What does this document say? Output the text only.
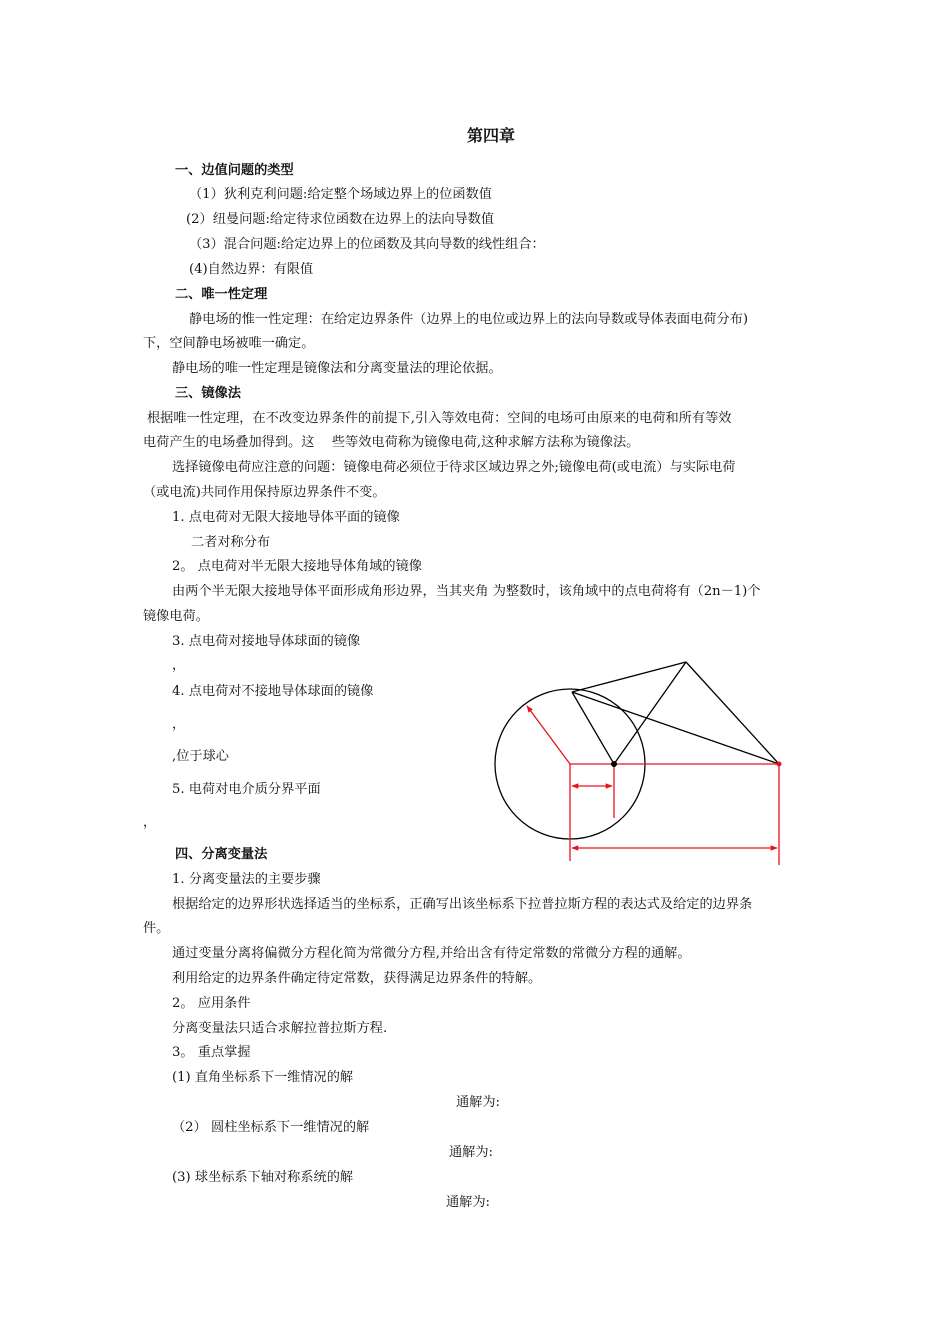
第四章
一、边值问题的类型
（1）狄利克利问题:给定整个场域边界上的位函数值
(2）纽曼问题:给定待求位函数在边界上的法向导数值
（3）混合问题:给定边界上的位函数及其向导数的线性组合：
(4)自然边界：有限值
二、唯一性定理
静电场的惟一性定理：在给定边界条件（边界上的电位或边界上的法向导数或导体表面电荷分布)
下，空间静电场被唯一确定。
静电场的唯一性定理是镜像法和分离变量法的理论依据。
三、镜像法
根据唯一性定理，在不改变边界条件的前提下,引入等效电荷：空间的电场可由原来的电荷和所有等效
电荷产生的电场叠加得到。这　 些等效电荷称为镜像电荷,这种求解方法称为镜像法。
选择镜像电荷应注意的问题：镜像电荷必须位于待求区域边界之外;镜像电荷(或电流）与实际电荷
（或电流)共同作用保持原边界条件不变。
1. 点电荷对无限大接地导体平面的镜像
二者对称分布
2。 点电荷对半无限大接地导体角域的镜像
由两个半无限大接地导体平面形成角形边界，当其夹角 为整数时，该角域中的点电荷将有（2n－1)个
镜像电荷。
3. 点电荷对接地导体球面的镜像
，
4. 点电荷对不接地导体球面的镜像
，
,位于球心
5. 电荷对电介质分界平面
，
四、分离变量法
1. 分离变量法的主要步骤
根据给定的边界形状选择适当的坐标系，正确写出该坐标系下拉普拉斯方程的表达式及给定的边界条
件。
通过变量分离将偏微分方程化简为常微分方程,并给出含有待定常数的常微分方程的通解。
利用给定的边界条件确定待定常数，获得满足边界条件的特解。
2。 应用条件
分离变量法只适合求解拉普拉斯方程.
3。 重点掌握
(1) 直角坐标系下一维情况的解
通解为:
（2） 圆柱坐标系下一维情况的解
通解为:
(3) 球坐标系下轴对称系统的解
通解为:
